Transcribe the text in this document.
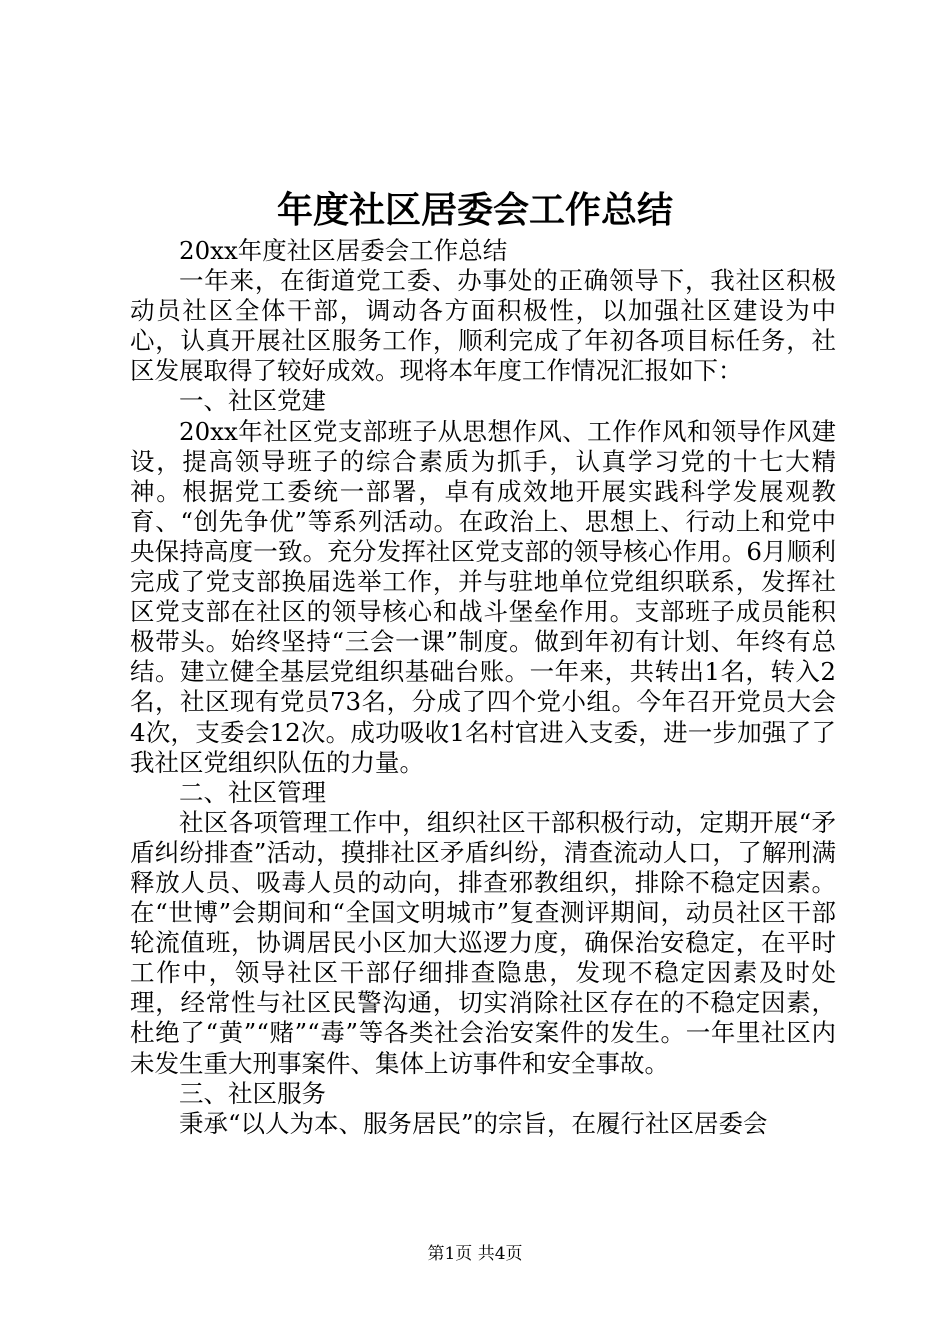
年度社区居委会工作总结

20xx年度社区居委会工作总结

一年来，在街道党工委、办事处的正确领导下，我社区积极动员社区全体干部，调动各方面积极性，以加强社区建设为中心，认真开展社区服务工作，顺利完成了年初各项目标任务，社区发展取得了较好成效。现将本年度工作情况汇报如下：

一、社区党建

20xx年社区党支部班子从思想作风、工作作风和领导作风建设，提高领导班子的综合素质为抓手，认真学习党的十七大精神。根据党工委统一部署，卓有成效地开展实践科学发展观教育、“创先争优”等系列活动。在政治上、思想上、行动上和党中央保持高度一致。充分发挥社区党支部的领导核心作用。6月顺利完成了党支部换届选举工作，并与驻地单位党组织联系，发挥社区党支部在社区的领导核心和战斗堡垒作用。支部班子成员能积极带头。始终坚持“三会一课”制度。做到年初有计划、年终有总结。建立健全基层党组织基础台账。一年来，共转出1名，转入2名，社区现有党员73名，分成了四个党小组。今年召开党员大会4次，支委会12次。成功吸收1名村官进入支委，进一步加强了了我社区党组织队伍的力量。

二、社区管理

社区各项管理工作中，组织社区干部积极行动，定期开展“矛盾纠纷排查”活动，摸排社区矛盾纠纷，清查流动人口，了解刑满释放人员、吸毒人员的动向，排查邪教组织，排除不稳定因素。在“世博”会期间和“全国文明城市”复查测评期间，动员社区干部轮流值班，协调居民小区加大巡逻力度，确保治安稳定，在平时工作中，领导社区干部仔细排查隐患，发现不稳定因素及时处理，经常性与社区民警沟通，切实消除社区存在的不稳定因素，杜绝了“黄”“赌”“毒”等各类社会治安案件的发生。一年里社区内未发生重大刑事案件、集体上访事件和安全事故。

三、社区服务

秉承“以人为本、服务居民”的宗旨，在履行社区居委会

第1页 共4页
